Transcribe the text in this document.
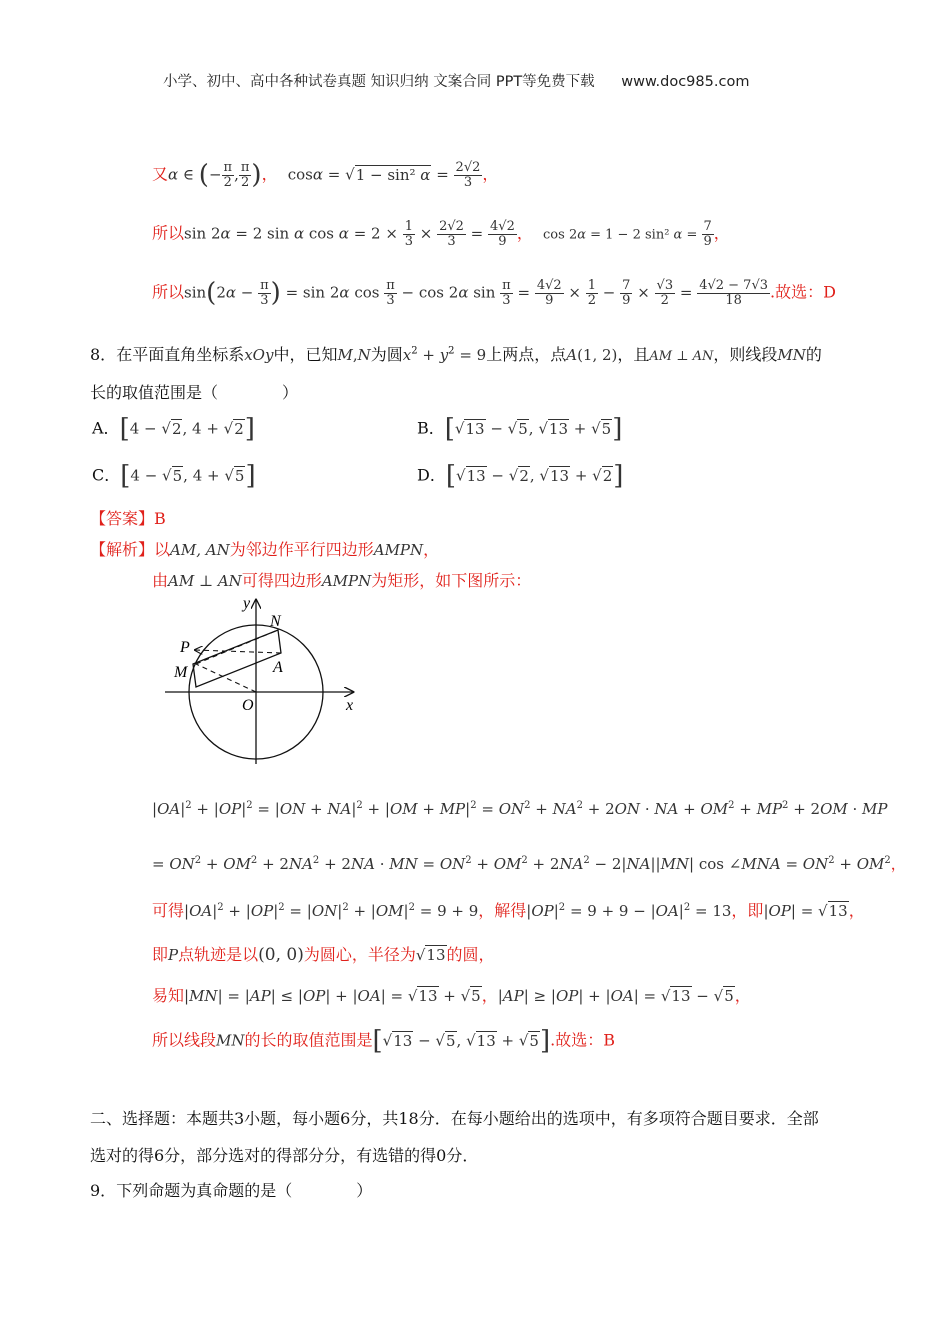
小学、初中、高中各种试卷真题 知识归纳 文案合同 PPT等免费下载 www.doc985.com
又α ∈ (− $\frac{\pi}{2}$ , $\frac{\pi}{2}$ )， cosα = √1 − sin² $\alpha = \frac{2√2}{3}$ ，
所以sin 2α = 2 sin α $\cos \alpha = 2 \times \frac{1}{3} \times \frac{2√2}{3} = \frac{4√2}{9}$ ， cos 2α = 1 − 2 sin² $\alpha = \frac{7}{9}$ ，
所以$\sin(2\alpha - \frac{\pi}{3}$ ) = sin 2α $\cos \frac{\pi}{3} - \cos 2\alpha$ $\sin \frac{\pi}{3} = \frac{4√2}{9} \times \frac{1}{2} - \frac{7}{9} \times \frac{√3}{2} = \frac{4√2 - 7√3}{18}$ .故选：D
8．在平面直角坐标系xOy中，已知M,N为圆$x^2 + y^2 = 9$上两点，点A(1, 2)，且AM ⊥ AN，则线段MN的
长的取值范围是（　　　　）
A．[4 − √2, 4 + √2]	B．[√13 − √5, √13 + √5]
C．[4 − √5, 4 + √5]	D．[√13 − √2, √13 + √2]
【答案】B
【解析】以AM, AN为邻边作平行四边形AMPN，
由AM ⊥ AN可得四边形AMPN为矩形，如下图所示：
y
x
O
N
P
M	A
$|OA|^2 + |OP|^2 = |ON + NA|^2 + |OM + MP|^2 = ON^2 + NA^2 + 2ON$ · NA + $OM^2 + MP^2 + 2OM$ · MP
= $ON^2 + OM^2 + 2NA^2 + 2NA$ · MN = $ON^2 + OM^2 + 2NA^2 - 2|NA||MN|$ cos ∠MNA = $ON^2 + OM^2$，
可得$|OA|^2 + |OP|^2 = |ON|^2 + |OM|^2 = 9 + 9$，解得$|OP|^2 = 9 + 9 - |OA|^2 = 13$，即|OP| = √13，
即P点轨迹是以(0, 0)为圆心，半径为√13的圆，
易知|MN| = |AP| ≤ |OP| + |OA| = √13 + √5，|AP| ≥ |OP| + |OA| = √13 − √5，
所以线段MN的长的取值范围是[√13 − √5, √13 + √5].故选：B
二、选择题：本题共3小题，每小题6分，共18分．在每小题给出的选项中，有多项符合题目要求．全部
选对的得6分，部分选对的得部分分，有选错的得0分．
9．下列命题为真命题的是（　　　　）
